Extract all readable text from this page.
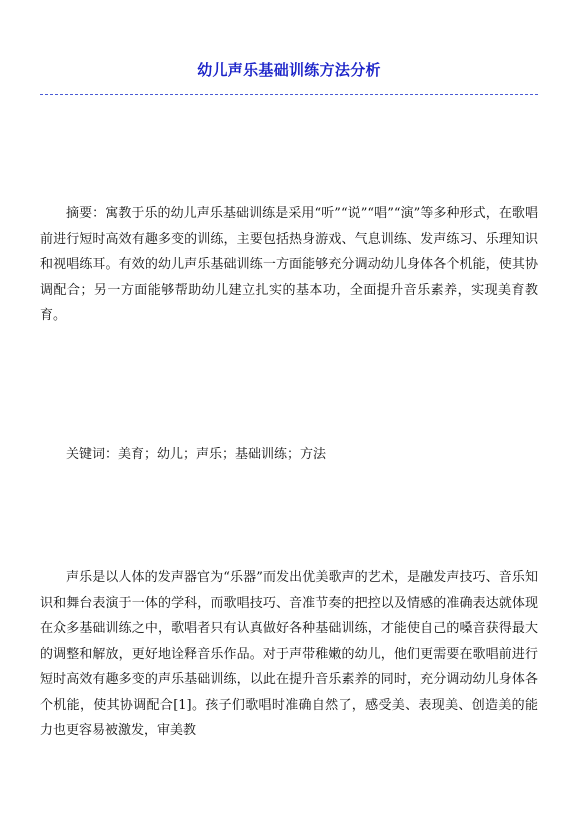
幼儿声乐基础训练方法分析

摘要：寓教于乐的幼儿声乐基础训练是采用“听”“说”“唱”“演”等多种形式，在歌唱前进行短时高效有趣多变的训练，主要包括热身游戏、气息训练、发声练习、乐理知识和视唱练耳。有效的幼儿声乐基础训练一方面能够充分调动幼儿身体各个机能，使其协调配合；另一方面能够帮助幼儿建立扎实的基本功，全面提升音乐素养，实现美育教育。

关键词：美育；幼儿；声乐；基础训练；方法

声乐是以人体的发声器官为“乐器”而发出优美歌声的艺术，是融发声技巧、音乐知识和舞台表演于一体的学科，而歌唱技巧、音准节奏的把控以及情感的准确表达就体现在众多基础训练之中，歌唱者只有认真做好各种基础训练，才能使自己的嗓音获得最大的调整和解放，更好地诠释音乐作品。对于声带稚嫩的幼儿，他们更需要在歌唱前进行短时高效有趣多变的声乐基础训练，以此在提升音乐素养的同时，充分调动幼儿身体各个机能，使其协调配合[1]。孩子们歌唱时准确自然了，感受美、表现美、创造美的能力也更容易被激发，审美教
